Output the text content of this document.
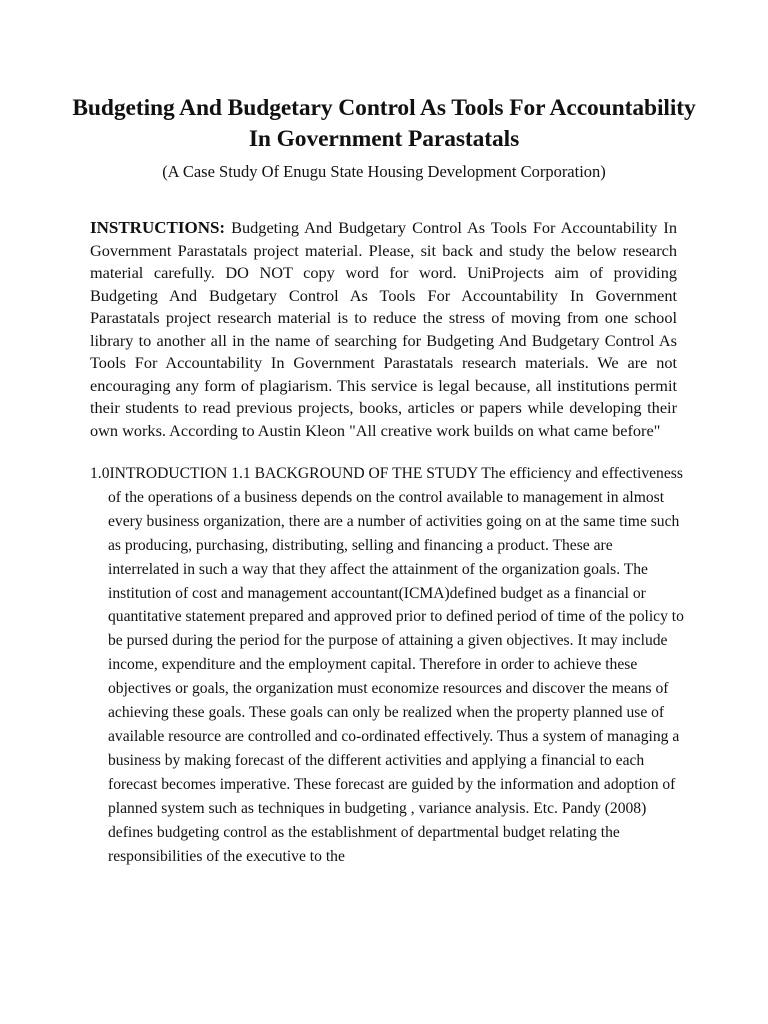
Budgeting And Budgetary Control As Tools For Accountability In Government Parastatals

(A Case Study Of Enugu State Housing Development Corporation)

INSTRUCTIONS: Budgeting And Budgetary Control As Tools For Accountability In Government Parastatals project material. Please, sit back and study the below research material carefully. DO NOT copy word for word. UniProjects aim of providing Budgeting And Budgetary Control As Tools For Accountability In Government Parastatals project research material is to reduce the stress of moving from one school library to another all in the name of searching for Budgeting And Budgetary Control As Tools For Accountability In Government Parastatals research materials. We are not encouraging any form of plagiarism. This service is legal because, all institutions permit their students to read previous projects, books, articles or papers while developing their own works. According to Austin Kleon "All creative work builds on what came before"

1.0INTRODUCTION 1.1 BACKGROUND OF THE STUDY The efficiency and effectiveness of the operations of a business depends on the control available to management in almost every business organization, there are a number of activities going on at the same time such as producing, purchasing, distributing, selling and financing a product. These are interrelated in such a way that they affect the attainment of the organization goals. The institution of cost and management accountant(ICMA)defined budget as a financial or quantitative statement prepared and approved prior to defined period of time of the policy to be pursed during the period for the purpose of attaining a given objectives. It may include income, expenditure and the employment capital. Therefore in order to achieve these objectives or goals, the organization must economize resources and discover the means of achieving these goals. These goals can only be realized when the property planned use of available resource are controlled and co-ordinated effectively. Thus a system of managing a business by making forecast of the different activities and applying a financial to each forecast becomes imperative. These forecast are guided by the information and adoption of planned system such as techniques in budgeting , variance analysis. Etc. Pandy (2008) defines budgeting control as the establishment of departmental budget relating the responsibilities of the executive to the
